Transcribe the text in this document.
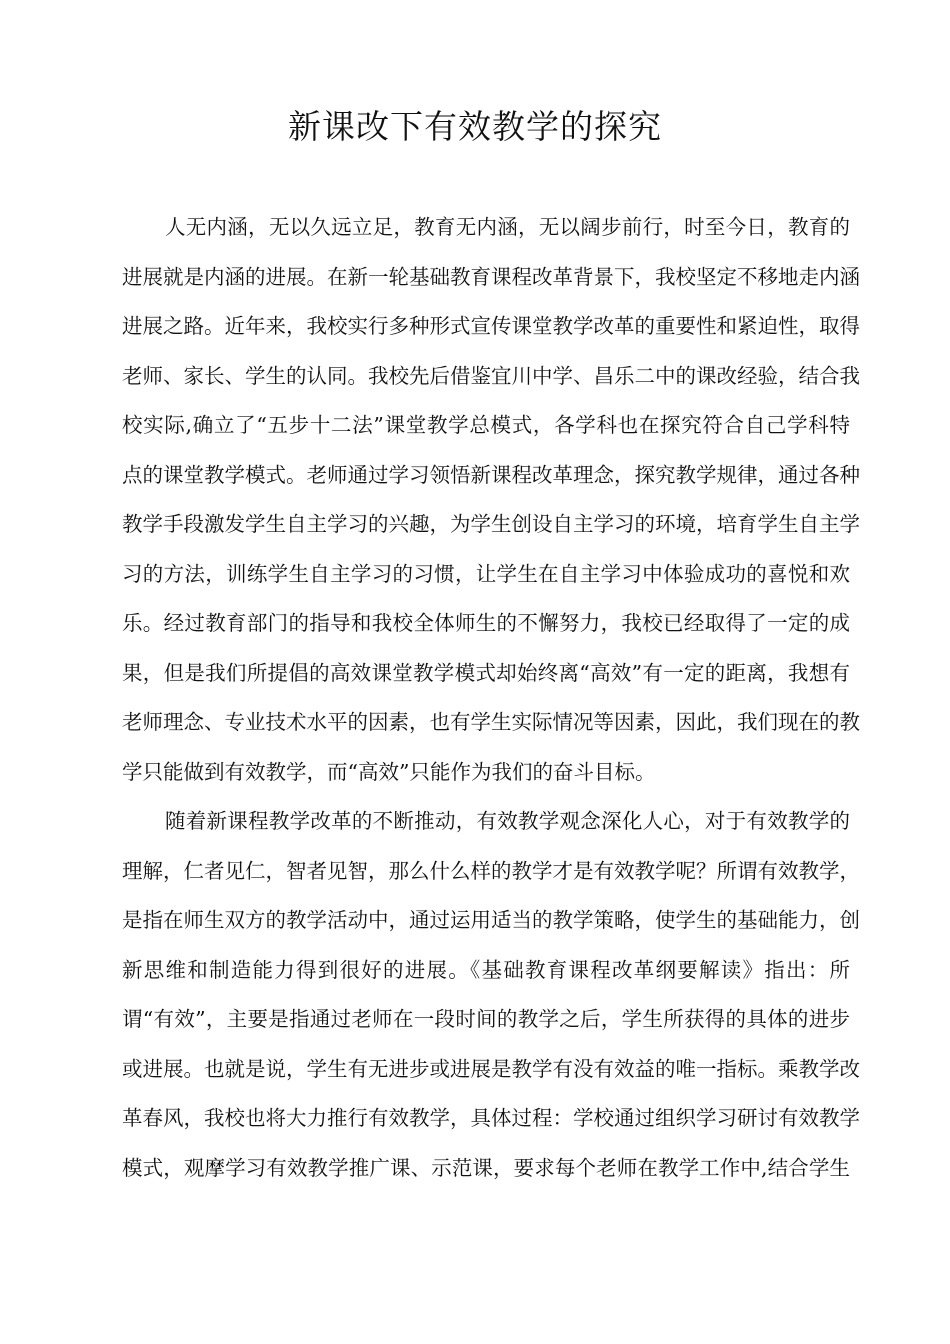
新课改下有效教学的探究
人无内涵，无以久远立足，教育无内涵，无以阔步前行，时至今日，教育的
进展就是内涵的进展。在新一轮基础教育课程改革背景下，我校坚定不移地走内涵
进展之路。近年来，我校实行多种形式宣传课堂教学改革的重要性和紧迫性，取得
老师、家长、学生的认同。我校先后借鉴宜川中学、昌乐二中的课改经验，结合我
校实际,确立了“五步十二法”课堂教学总模式，各学科也在探究符合自己学科特
点的课堂教学模式。老师通过学习领悟新课程改革理念，探究教学规律，通过各种
教学手段激发学生自主学习的兴趣，为学生创设自主学习的环境，培育学生自主学
习的方法，训练学生自主学习的习惯，让学生在自主学习中体验成功的喜悦和欢
乐。经过教育部门的指导和我校全体师生的不懈努力，我校已经取得了一定的成
果，但是我们所提倡的高效课堂教学模式却始终离“高效”有一定的距离，我想有
老师理念、专业技术水平的因素，也有学生实际情况等因素，因此，我们现在的教
学只能做到有效教学，而“高效”只能作为我们的奋斗目标。
随着新课程教学改革的不断推动，有效教学观念深化人心，对于有效教学的
理解，仁者见仁，智者见智，那么什么样的教学才是有效教学呢？所谓有效教学，
是指在师生双方的教学活动中，通过运用适当的教学策略，使学生的基础能力，创
新思维和制造能力得到很好的进展。《基础教育课程改革纲要解读》指出：所
谓“有效”，主要是指通过老师在一段时间的教学之后，学生所获得的具体的进步
或进展。也就是说，学生有无进步或进展是教学有没有效益的唯一指标。乘教学改
革春风，我校也将大力推行有效教学，具体过程：学校通过组织学习研讨有效教学
模式，观摩学习有效教学推广课、示范课，要求每个老师在教学工作中,结合学生
